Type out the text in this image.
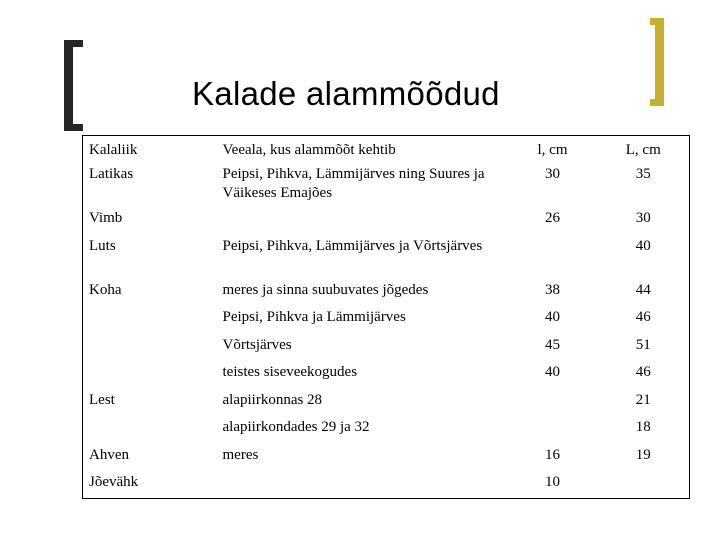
Kalade alammõõdud
Kalaliik	Veeala, kus alammõõt kehtib	l, cm	L, cm
Latikas	Peipsi, Pihkva, Lämmijärves ning Suures ja Väikeses Emajões	30	35
Vimb		26	30
Luts	Peipsi, Pihkva, Lämmijärves ja Võrtsjärves		40
Koha	meres ja sinna suubuvates jõgedes	38	44
	Peipsi, Pihkva ja Lämmijärves	40	46
	Võrtsjärves	45	51
	teistes siseveekogudes	40	46
Lest	alapiirkonnas 28		21
	alapiirkondades 29 ja 32		18
Ahven	meres	16	19
Jõevähk		10	
